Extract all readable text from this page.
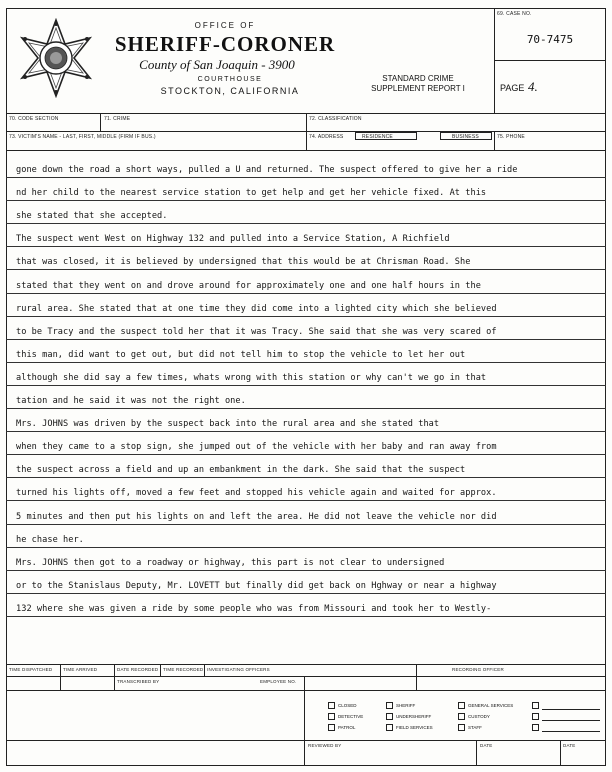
OFFICE OF
SHERIFF-CORONER
County of San Joaquin - 3900
COURTHOUSE
STOCKTON, CALIFORNIA
STANDARD CRIME
SUPPLEMENT REPORT I
69. CASE NO.
70-7475
PAGE 4.
70. CODE SECTION	71. CRIME	72. CLASSIFICATION
73. VICTIM'S NAME - LAST, FIRST, MIDDLE (FIRM IF BUS.)	74. ADDRESS	RESIDENCE	BUSINESS	75. PHONE
gone down the road a short ways, pulled a U and returned. The suspect offered to give her a ride
nd her child to the nearest service station to get help and get her vehicle fixed. At this
she stated that she accepted.
The suspect went West on Highway 132 and pulled into a Service Station, A Richfield
that was closed, it is believed by undersigned that this would be at Chrisman Road. She
stated that they went on and drove around for approximately one and one half hours in the
rural area. She stated that at one time they did come into a lighted city which she believed
to be Tracy and the suspect told her that it was Tracy. She said that she was very scared of
this man, did want to get out, but did not tell him to stop the vehicle to let her out
although she did say a few times, whats wrong with this station or why can't we go in that
tation and he said it was not the right one.
Mrs. JOHNS was driven by the suspect back into the rural area and she stated that
when they came to a stop sign, she jumped out of the vehicle with her baby and ran away from
the suspect across a field and up an embankment in the dark. She said that the suspect
turned his lights off, moved a few feet and stopped his vehicle again and waited for approx.
5 minutes and then put his lights on and left the area. He did not leave the vehicle nor did
he chase her.
Mrs. JOHNS then got to a roadway or highway, this part is not clear to undersigned
or to the Stanislaus Deputy, Mr. LOVETT but finally did get back on Hghway or near a highway
132 where she was given a ride by some people who was from Missouri and took her to Westly-
TIME DISPATCHED TIME ARRIVED	DATE RECORDED TIME RECORDED INVESTIGATING OFFICERS	RECORDING OFFICER
TRANSCRIBED BY	EMPLOYEE NO.
REVIEWED BY	DATE	DATE
CLOSED
DETECTIVE
PATROL
SHERIFF
UNDERSHERIFF
FIELD SERVICES
GENERAL SERVICES
CUSTODY
STAFF
